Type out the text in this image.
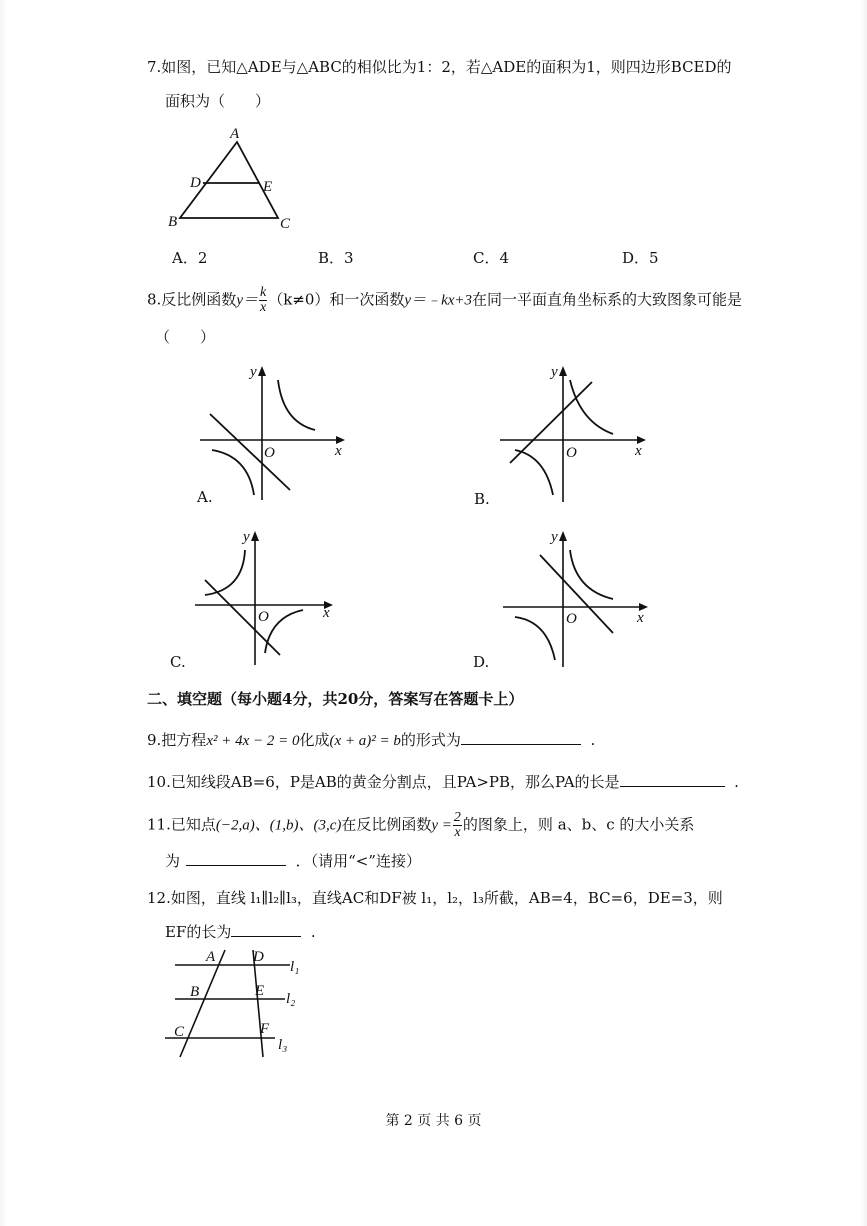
7.如图，已知△ADE与△ABC的相似比为1：2，若△ADE的面积为1，则四边形BCED的
面积为（　　）
A
D	E
B	C
A．2	B．3	C．4	D．5
8.反比例函数$y= \frac{k}{x} (k\ne 0)$和一次函数y＝﹣kx+3在同一平面直角坐标系的大致图象可能是
（　　）
y
x
O
A.
y
x
O
B.
y
x
O
C.
y
x
O
D.
二、填空题（每小题4分，共20分，答案写在答题卡上）
9.把方程x² + 4x − 2 = 0化成(x + a)² = b的形式为	.
10.已知线段AB=6，P是AB的黄金分割点，且PA>PB，那么PA的长是	.
11.已知点(−2,a)、(1,b)、(3,c)在反比例函数$y = \frac{2}{x}$ 的图象上，则 a、b、c 的大小关系
为	．（请用“<”连接）
12.如图，直线 l₁∥l₂∥l₃，直线AC和DF被 l₁，l₂，l₃所截，AB=4，BC=6，DE=3，则
EF的长为	.
A	D
l₁
B	E l₂
C	F
l₃
第 2 页 共 6 页
